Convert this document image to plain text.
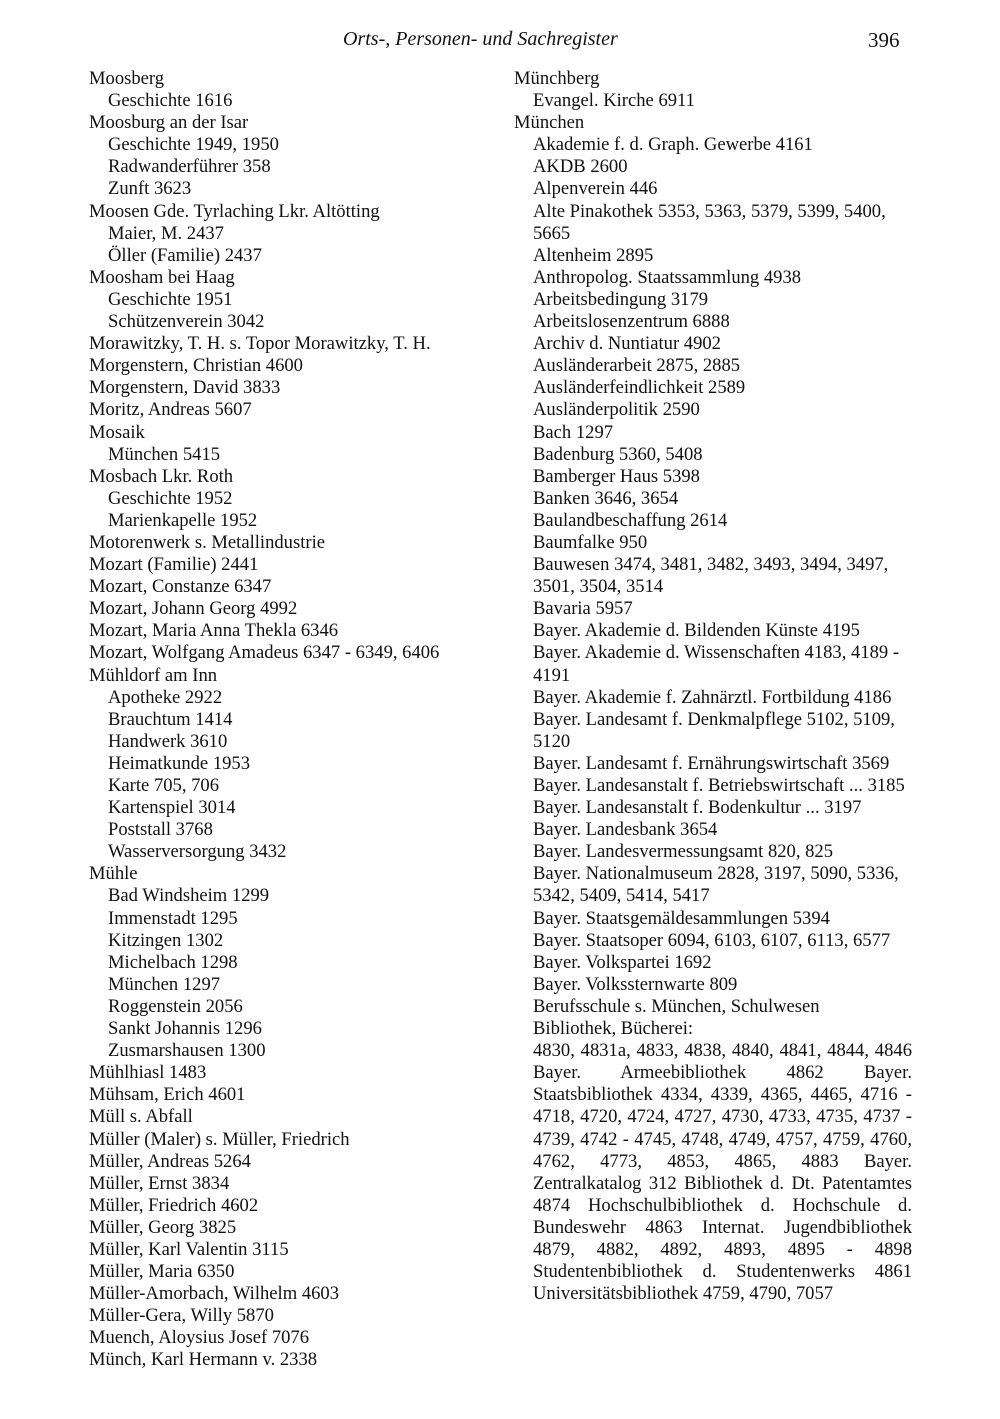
Orts-, Personen- und Sachregister	396
Moosberg
Geschichte 1616
Moosburg an der Isar
Geschichte 1949, 1950
Radwanderführer 358
Zunft 3623
Moosen Gde. Tyrlaching Lkr. Altötting
Maier, M. 2437
Öller (Familie) 2437
Moosham bei Haag
Geschichte 1951
Schützenverein 3042
Morawitzky, T. H. s. Topor Morawitzky, T. H.
Morgenstern, Christian 4600
Morgenstern, David 3833
Moritz, Andreas 5607
Mosaik
München 5415
Mosbach Lkr. Roth
Geschichte 1952
Marienkapelle 1952
Motorenwerk s. Metallindustrie
Mozart (Familie) 2441
Mozart, Constanze 6347
Mozart, Johann Georg 4992
Mozart, Maria Anna Thekla 6346
Mozart, Wolfgang Amadeus 6347 - 6349, 6406
Mühldorf am Inn
Apotheke 2922
Brauchtum 1414
Handwerk 3610
Heimatkunde 1953
Karte 705, 706
Kartenspiel 3014
Poststall 3768
Wasserversorgung 3432
Mühle
Bad Windsheim 1299
Immenstadt 1295
Kitzingen 1302
Michelbach 1298
München 1297
Roggenstein 2056
Sankt Johannis 1296
Zusmarshausen 1300
Mühlhiasl 1483
Mühsam, Erich 4601
Müll s. Abfall
Müller (Maler) s. Müller, Friedrich
Müller, Andreas 5264
Müller, Ernst 3834
Müller, Friedrich 4602
Müller, Georg 3825
Müller, Karl Valentin 3115
Müller, Maria 6350
Müller-Amorbach, Wilhelm 4603
Müller-Gera, Willy 5870
Muench, Aloysius Josef 7076
Münch, Karl Hermann v. 2338
Münchberg
Evangel. Kirche 6911
München
Akademie f. d. Graph. Gewerbe 4161
AKDB 2600
Alpenverein 446
Alte Pinakothek 5353, 5363, 5379, 5399, 5400, 5665
Altenheim 2895
Anthropolog. Staatssammlung 4938
Arbeitsbedingung 3179
Arbeitslosenzentrum 6888
Archiv d. Nuntiatur 4902
Ausländerarbeit 2875, 2885
Ausländerfeindlichkeit 2589
Ausländerpolitik 2590
Bach 1297
Badenburg 5360, 5408
Bamberger Haus 5398
Banken 3646, 3654
Baulandbeschaffung 2614
Baumfalke 950
Bauwesen 3474, 3481, 3482, 3493, 3494, 3497, 3501, 3504, 3514
Bavaria 5957
Bayer. Akademie d. Bildenden Künste 4195
Bayer. Akademie d. Wissenschaften 4183, 4189 - 4191
Bayer. Akademie f. Zahnärztl. Fortbildung 4186
Bayer. Landesamt f. Denkmalpflege 5102, 5109, 5120
Bayer. Landesamt f. Ernährungswirtschaft 3569
Bayer. Landesanstalt f. Betriebswirtschaft ... 3185
Bayer. Landesanstalt f. Bodenkultur ... 3197
Bayer. Landesbank 3654
Bayer. Landesvermessungsamt 820, 825
Bayer. Nationalmuseum 2828, 3197, 5090, 5336, 5342, 5409, 5414, 5417
Bayer. Staatsgemäldesammlungen 5394
Bayer. Staatsoper 6094, 6103, 6107, 6113, 6577
Bayer. Volkspartei 1692
Bayer. Volkssternwarte 809
Berufsschule s. München, Schulwesen
Bibliothek, Bücherei:
4830, 4831a, 4833, 4838, 4840, 4841, 4844, 4846 Bayer. Armeebibliothek 4862 Bayer. Staatsbibliothek 4334, 4339, 4365, 4465, 4716 - 4718, 4720, 4724, 4727, 4730, 4733, 4735, 4737 - 4739, 4742 - 4745, 4748, 4749, 4757, 4759, 4760, 4762, 4773, 4853, 4865, 4883 Bayer. Zentralkatalog 312 Bibliothek d. Dt. Patentamtes 4874 Hochschulbibliothek d. Hochschule d. Bundeswehr 4863 Internat. Jugendbibliothek 4879, 4882, 4892, 4893, 4895 - 4898 Studentenbibliothek d. Studentenwerks 4861 Universitätsbibliothek 4759, 4790, 7057
